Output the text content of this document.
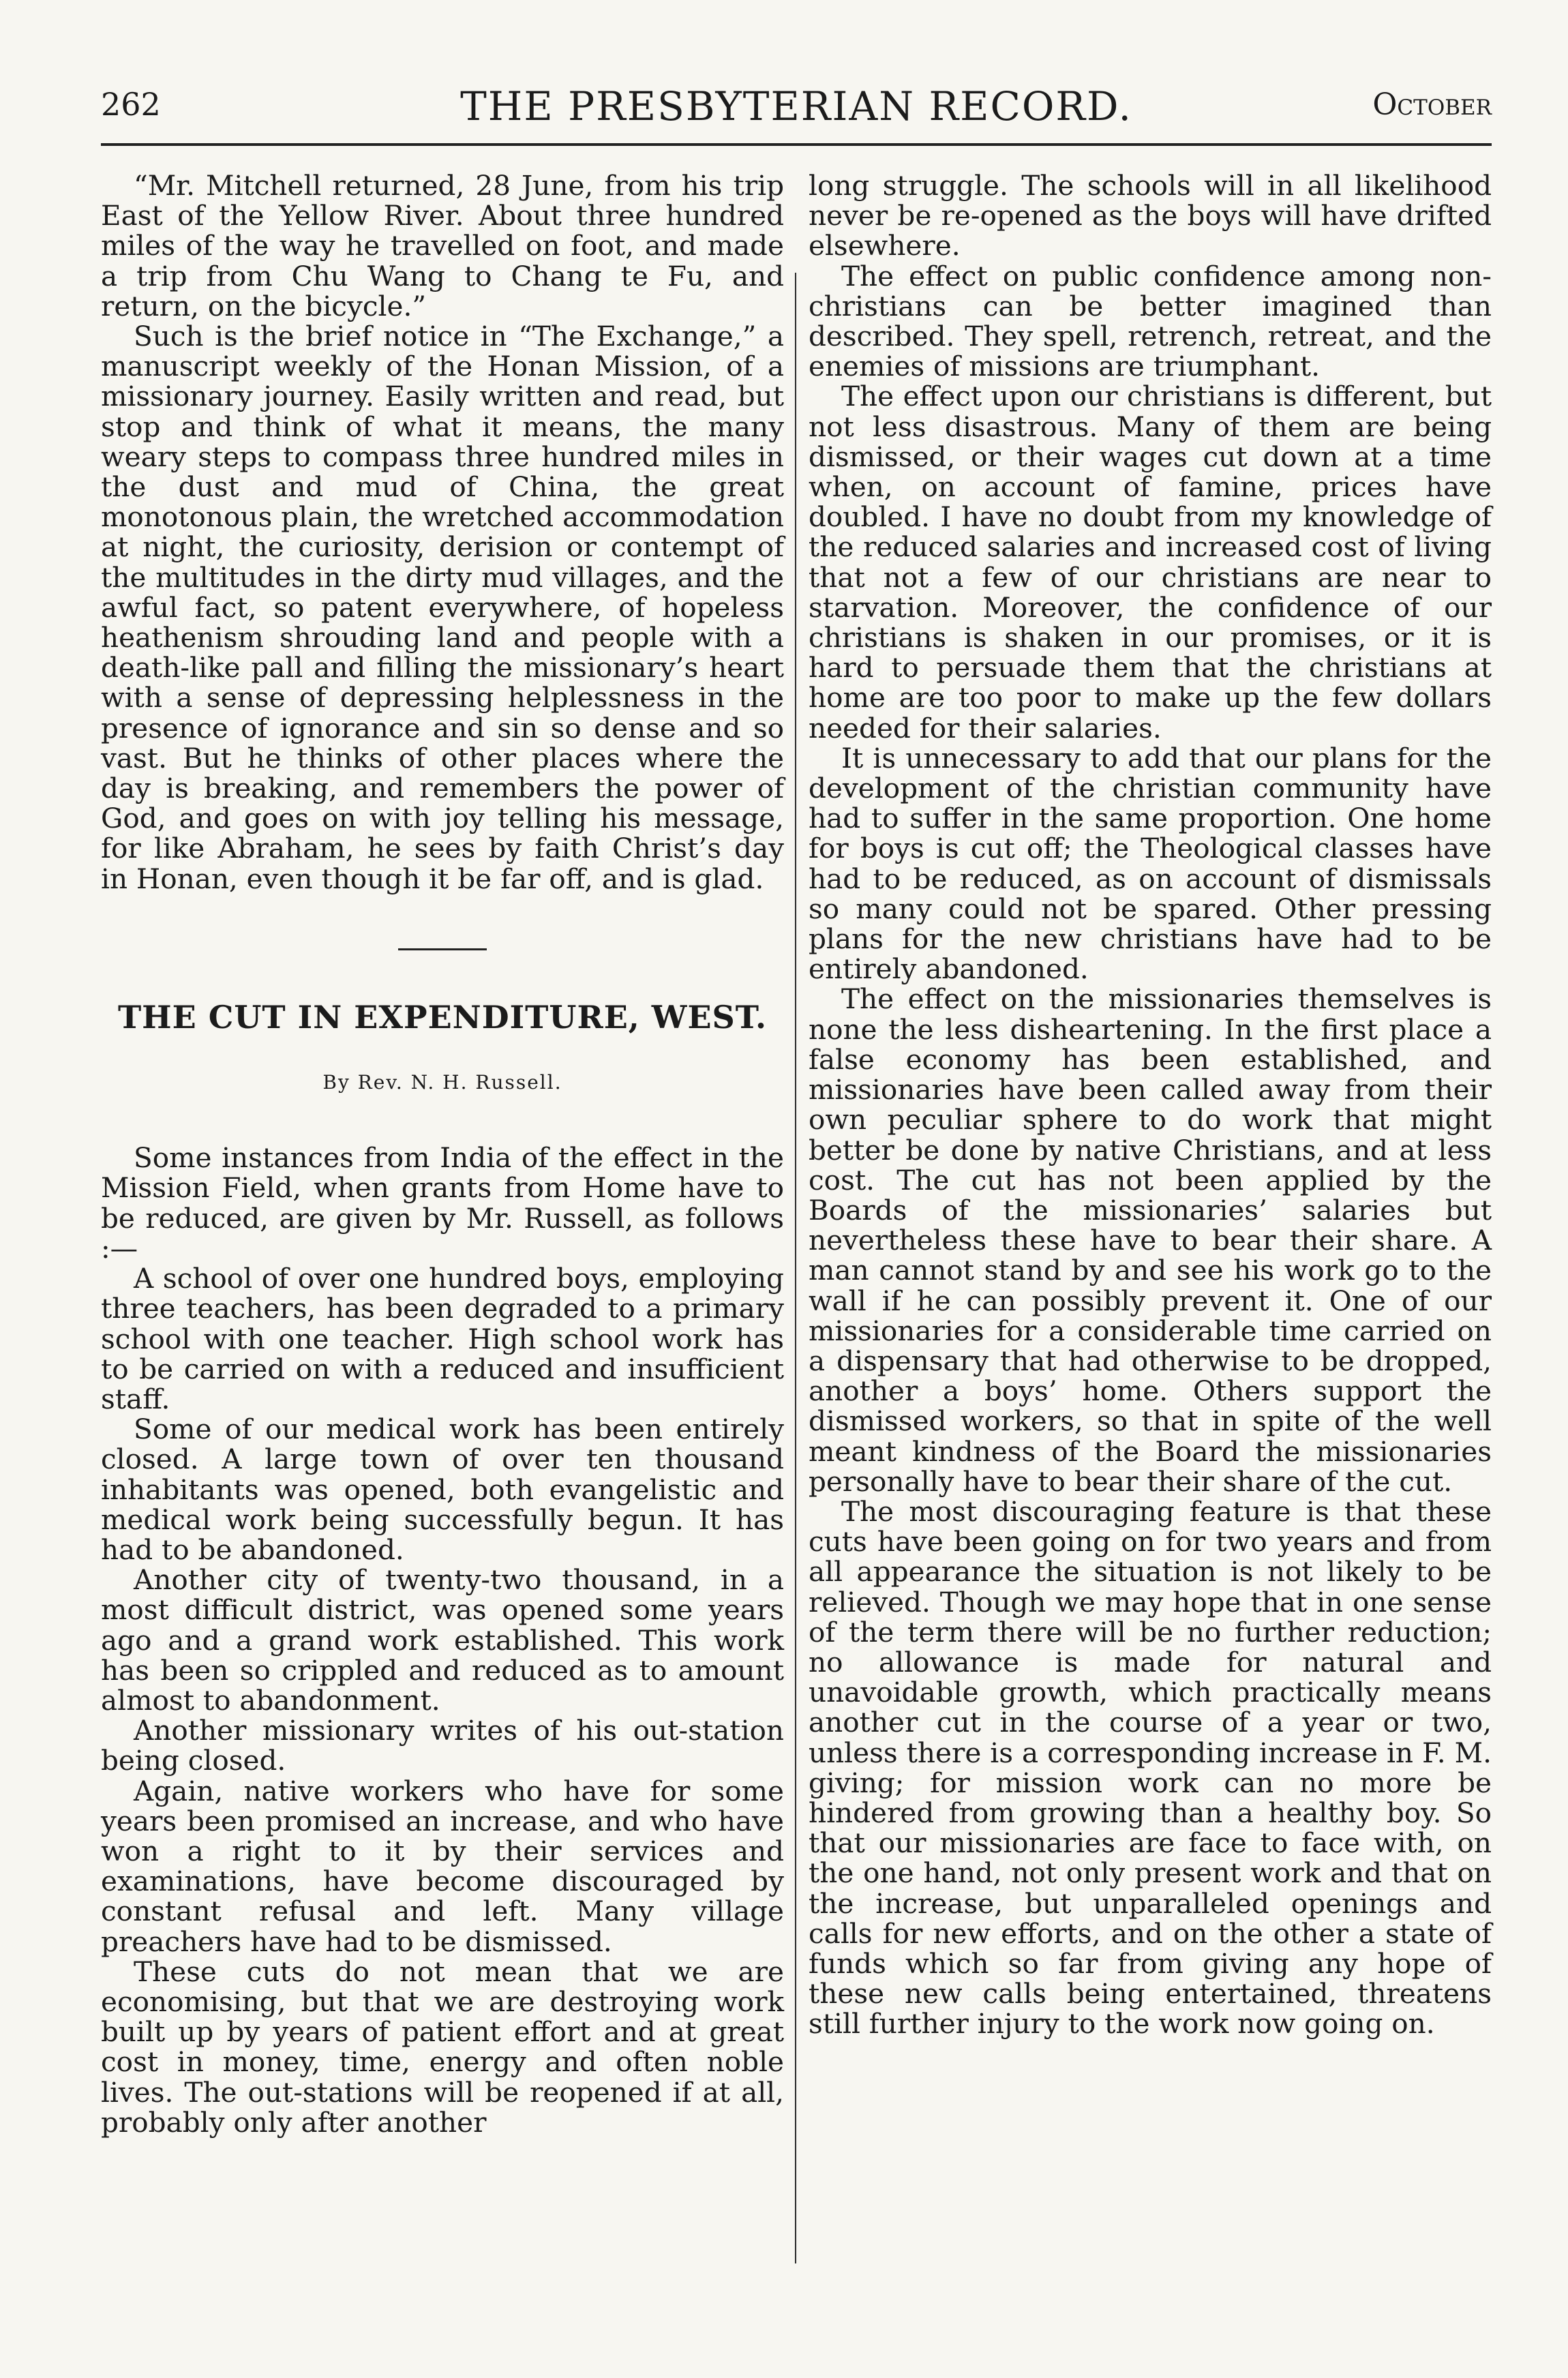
262	THE PRESBYTERIAN RECORD.	October

“Mr. Mitchell returned, 28 June, from his trip East of the Yellow River. About three hundred miles of the way he travelled on foot, and made a trip from Chu Wang to Chang te Fu, and return, on the bicycle.”

Such is the brief notice in “The Exchange,” a manuscript weekly of the Honan Mission, of a missionary journey. Easily written and read, but stop and think of what it means, the many weary steps to compass three hundred miles in the dust and mud of China, the great monotonous plain, the wretched accommodation at night, the curiosity, derision or contempt of the multitudes in the dirty mud villages, and the awful fact, so patent everywhere, of hopeless heathenism shrouding land and people with a death-like pall and filling the missionary’s heart with a sense of depressing helplessness in the presence of ignorance and sin so dense and so vast. But he thinks of other places where the day is breaking, and remembers the power of God, and goes on with joy telling his message, for like Abraham, he sees by faith Christ’s day in Honan, even though it be far off, and is glad.

THE CUT IN EXPENDITURE, WEST.
By Rev. N. H. Russell.

Some instances from India of the effect in the Mission Field, when grants from Home have to be reduced, are given by Mr. Russell, as follows :—

A school of over one hundred boys, employing three teachers, has been degraded to a primary school with one teacher. High school work has to be carried on with a reduced and insufficient staff.

Some of our medical work has been entirely closed. A large town of over ten thousand inhabitants was opened, both evangelistic and medical work being successfully begun. It has had to be abandoned.

Another city of twenty-two thousand, in a most difficult district, was opened some years ago and a grand work established. This work has been so crippled and reduced as to amount almost to abandonment.

Another missionary writes of his out-station being closed.

Again, native workers who have for some years been promised an increase, and who have won a right to it by their services and examinations, have become discouraged by constant refusal and left. Many village preachers have had to be dismissed.

These cuts do not mean that we are economising, but that we are destroying work built up by years of patient effort and at great cost in money, time, energy and often noble lives. The out-stations will be reopened if at all, probably only after another

long struggle. The schools will in all likelihood never be re-opened as the boys will have drifted elsewhere.

The effect on public confidence among non-christians can be better imagined than described. They spell, retrench, retreat, and the enemies of missions are triumphant.

The effect upon our christians is different, but not less disastrous. Many of them are being dismissed, or their wages cut down at a time when, on account of famine, prices have doubled. I have no doubt from my knowledge of the reduced salaries and increased cost of living that not a few of our christians are near to starvation. Moreover, the confidence of our christians is shaken in our promises, or it is hard to persuade them that the christians at home are too poor to make up the few dollars needed for their salaries.

It is unnecessary to add that our plans for the development of the christian community have had to suffer in the same proportion. One home for boys is cut off; the Theological classes have had to be reduced, as on account of dismissals so many could not be spared. Other pressing plans for the new christians have had to be entirely abandoned.

The effect on the missionaries themselves is none the less disheartening. In the first place a false economy has been established, and missionaries have been called away from their own peculiar sphere to do work that might better be done by native Christians, and at less cost. The cut has not been applied by the Boards of the missionaries’ salaries but nevertheless these have to bear their share. A man cannot stand by and see his work go to the wall if he can possibly prevent it. One of our missionaries for a considerable time carried on a dispensary that had otherwise to be dropped, another a boys’ home. Others support the dismissed workers, so that in spite of the well meant kindness of the Board the missionaries personally have to bear their share of the cut.

The most discouraging feature is that these cuts have been going on for two years and from all appearance the situation is not likely to be relieved. Though we may hope that in one sense of the term there will be no further reduction; no allowance is made for natural and unavoidable growth, which practically means another cut in the course of a year or two, unless there is a corresponding increase in F. M. giving; for mission work can no more be hindered from growing than a healthy boy. So that our missionaries are face to face with, on the one hand, not only present work and that on the increase, but unparalleled openings and calls for new efforts, and on the other a state of funds which so far from giving any hope of these new calls being entertained, threatens still further injury to the work now going on.
